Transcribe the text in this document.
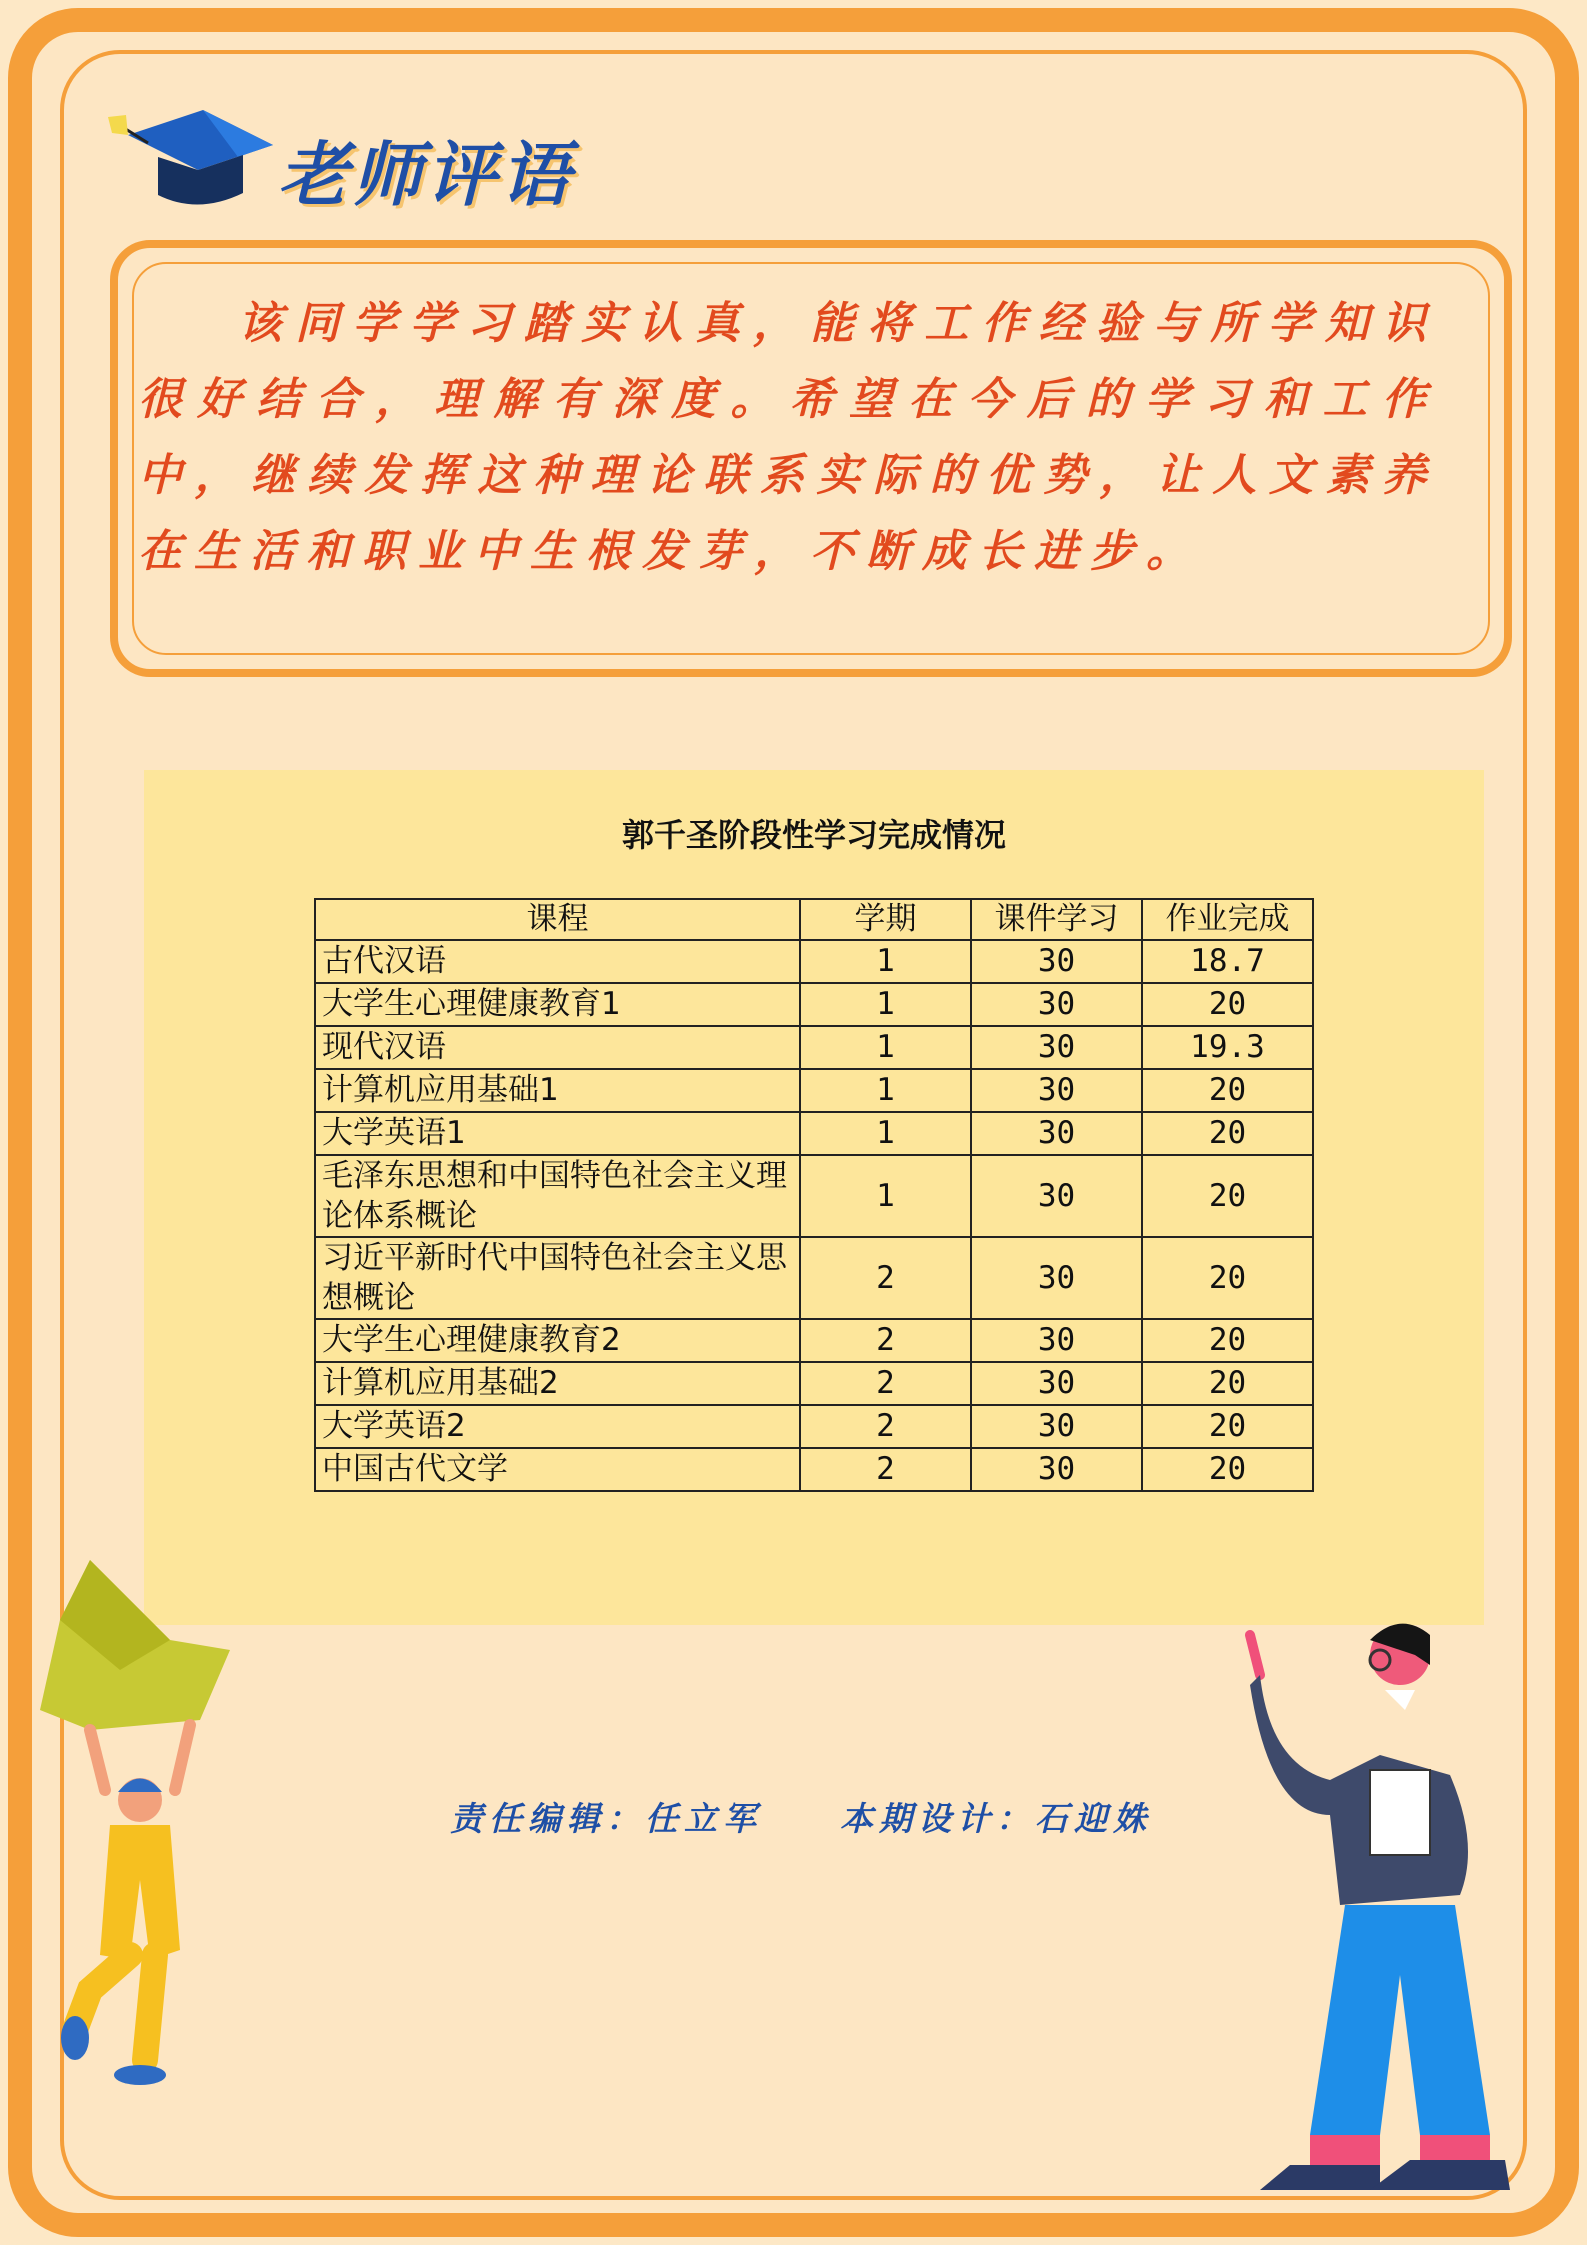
老师评语
该同学学习踏实认真，能将工作经验与所学知识很好结合，理解有深度。希望在今后的学习和工作中，继续发挥这种理论联系实际的优势，让人文素养在生活和职业中生根发芽，不断成长进步。
郭千圣阶段性学习完成情况
课程	学期	课件学习	作业完成
古代汉语	1	30	18.7
大学生心理健康教育1	1	30	20
现代汉语	1	30	19.3
计算机应用基础1	1	30	20
大学英语1	1	30	20
毛泽东思想和中国特色社会主义理论体系概论	1	30	20
习近平新时代中国特色社会主义思想概论	2	30	20
大学生心理健康教育2	2	30	20
计算机应用基础2	2	30	20
大学英语2	2	30	20
中国古代文学	2	30	20
责任编辑：任立军 本期设计：石迎姝
